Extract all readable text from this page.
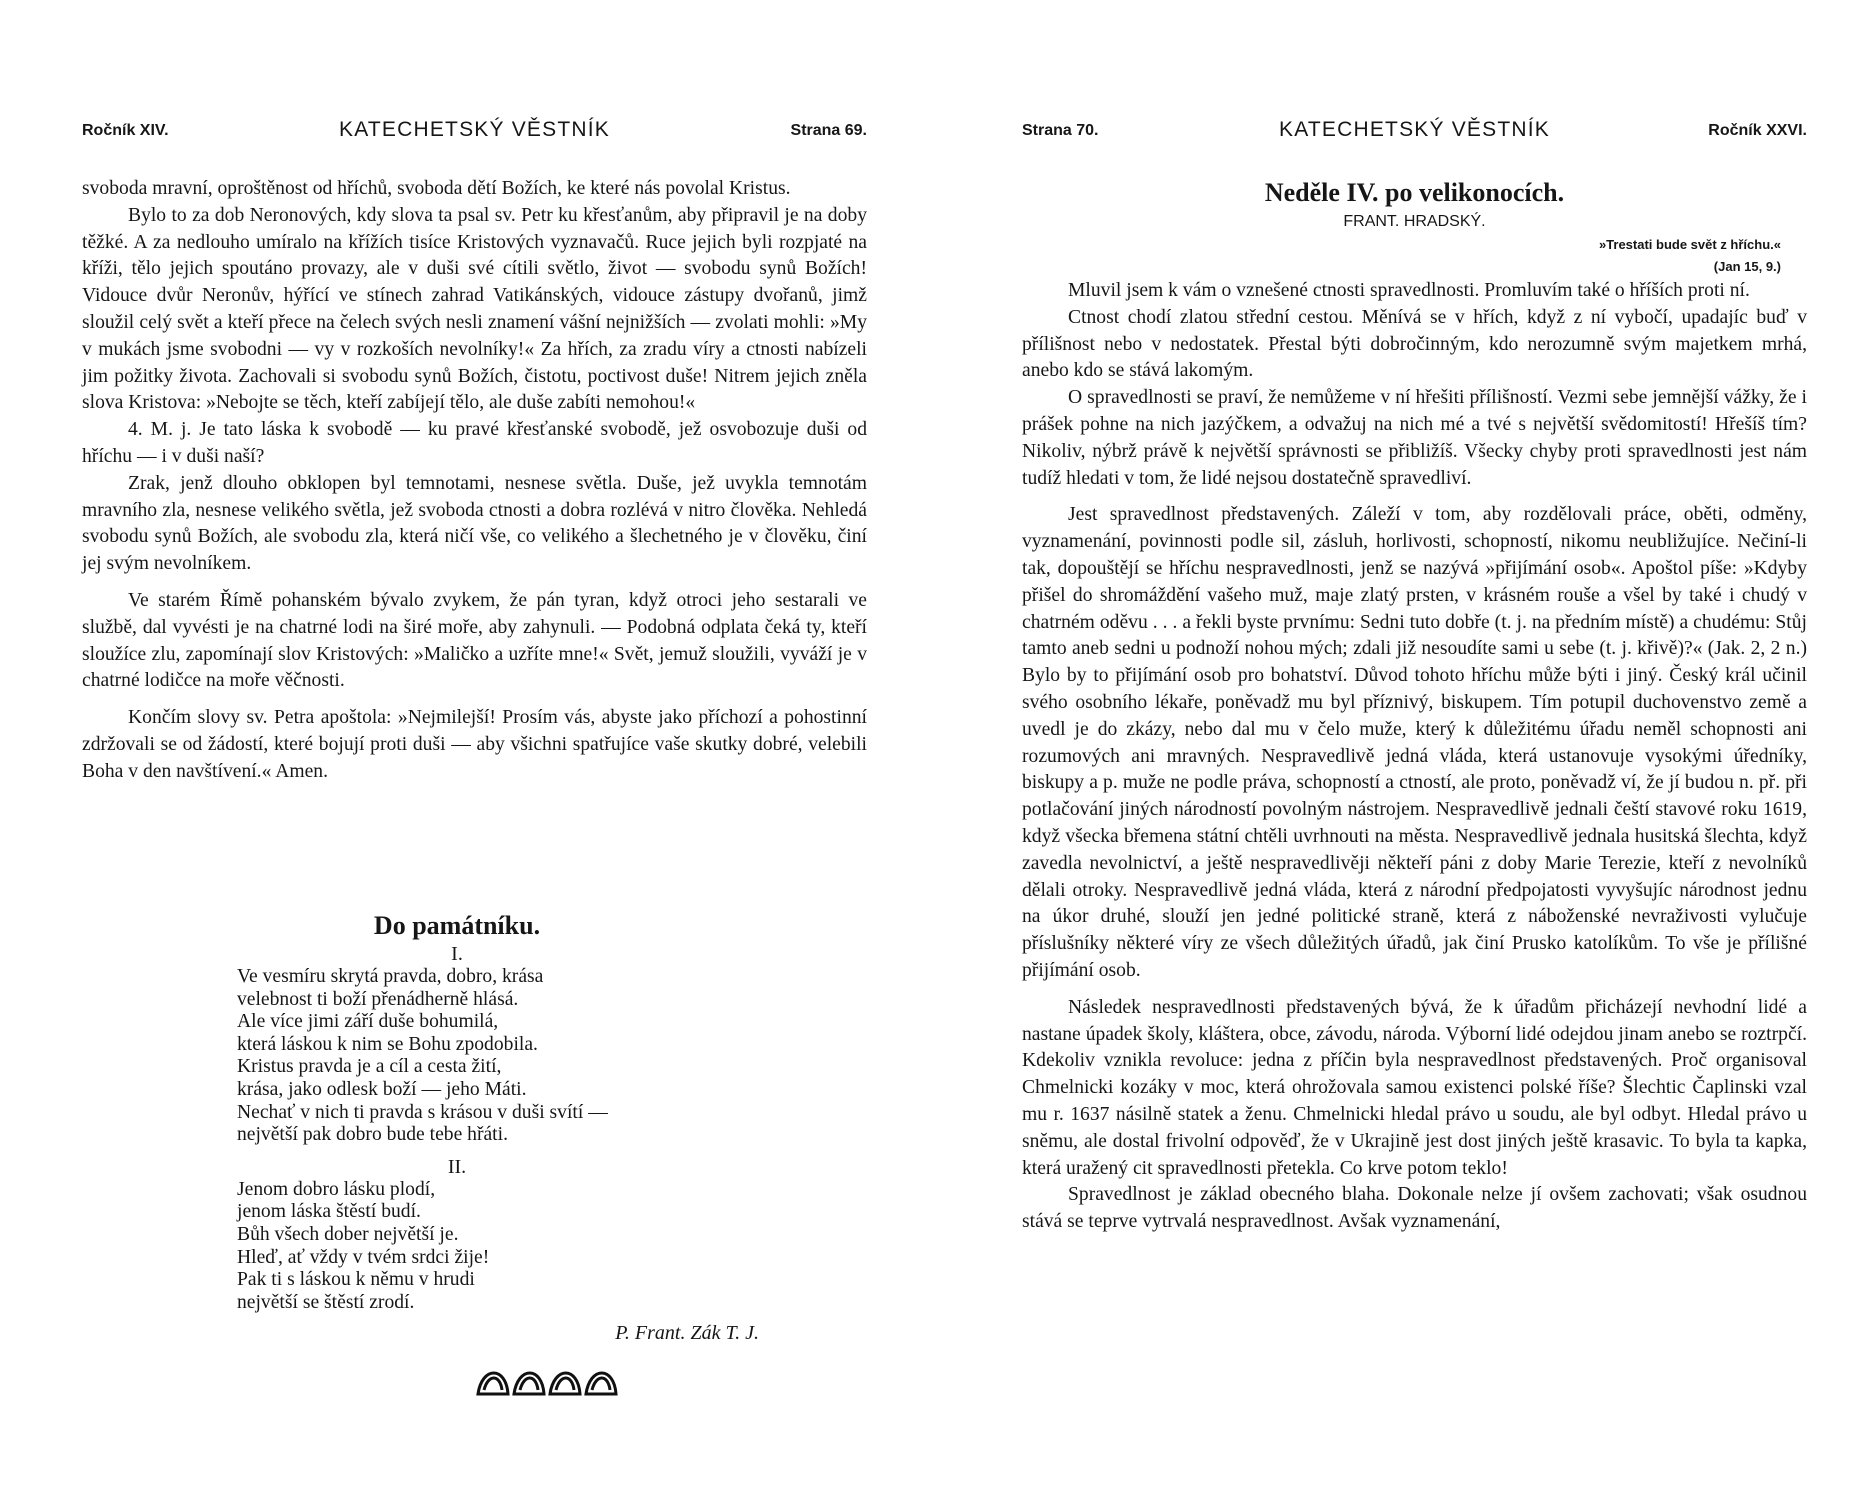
Ročník XIV.	KATECHETSKÝ VĚSTNÍK	Strana 69.

svoboda mravní, oproštěnost od hříchů, svoboda dětí Božích, ke které nás povolal Kristus.

Bylo to za dob Neronových, kdy slova ta psal sv. Petr ku křesťanům, aby připravil je na doby těžké. A za nedlouho umíralo na křížích tisíce Kristových vyznavačů. Ruce jejich byli rozpjaté na kříži, tělo jejich spoutáno provazy, ale v duši své cítili světlo, život — svobodu synů Božích! Vidouce dvůr Neronův, hýřící ve stínech zahrad Vatikánských, vidouce zástupy dvořanů, jimž sloužil celý svět a kteří přece na čelech svých nesli znamení vášní nejnižších — zvolati mohli: »My v mukách jsme svobodni — vy v rozkoších nevolníky!« Za hřích, za zradu víry a ctnosti nabízeli jim požitky života. Zachovali si svobodu synů Božích, čistotu, poctivost duše! Nitrem jejich zněla slova Kristova: »Nebojte se těch, kteří zabíjejí tělo, ale duše zabíti nemohou!«

4. M. j. Je tato láska k svobodě — ku pravé křesťanské svobodě, jež osvobozuje duši od hříchu — i v duši naší?

Zrak, jenž dlouho obklopen byl temnotami, nesnese světla. Duše, jež uvykla temnotám mravního zla, nesnese velikého světla, jež svoboda ctnosti a dobra rozlévá v nitro člověka. Nehledá svobodu synů Božích, ale svobodu zla, která ničí vše, co velikého a šlechetného je v člověku, činí jej svým nevolníkem.

Ve starém Římě pohanském bývalo zvykem, že pán tyran, když otroci jeho sestarali ve službě, dal vyvésti je na chatrné lodi na širé moře, aby zahynuli. — Podobná odplata čeká ty, kteří sloužíce zlu, zapomínají slov Kristových: »Maličko a uzříte mne!« Svět, jemuž sloužili, vyváží je v chatrné lodičce na moře věčnosti.

Končím slovy sv. Petra apoštola: »Nejmilejší! Prosím vás, abyste jako příchozí a pohostinní zdržovali se od žádostí, které bojují proti duši — aby všichni spatřujíce vaše skutky dobré, velebili Boha v den navštívení.« Amen.

Do památníku.
I.
Ve vesmíru skrytá pravda, dobro, krása
velebnost ti boží přenádherně hlásá.
Ale více jimi září duše bohumilá,
která láskou k nim se Bohu zpodobila.
Kristus pravda je a cíl a cesta žití,
krása, jako odlesk boží — jeho Máti.
Nechať v nich ti pravda s krásou v duši svítí —
největší pak dobro bude tebe hřáti.
II.
Jenom dobro lásku plodí,
jenom láska štěstí budí.
Bůh všech dober největší je.
Hleď, ať vždy v tvém srdci žije!
Pak ti s láskou k němu v hrudi
největší se štěstí zrodí.
P. Frant. Zák T. J.
Strana 70.	KATECHETSKÝ VĚSTNÍK	Ročník XXVI.
Neděle IV. po velikonocích.
FRANT. HRADSKÝ.
»Trestati bude svět z hříchu.«
(Jan 15, 9.)

Mluvil jsem k vám o vznešené ctnosti spravedlnosti. Promluvím také o hříších proti ní.

Ctnost chodí zlatou střední cestou. Měnívá se v hřích, když z ní vybočí, upadajíc buď v přílišnost nebo v nedostatek. Přestal býti dobročinným, kdo nerozumně svým majetkem mrhá, anebo kdo se stává lakomým.

O spravedlnosti se praví, že nemůžeme v ní hřešiti přílišností. Vezmi sebe jemnější vážky, že i prášek pohne na nich jazýčkem, a odvažuj na nich mé a tvé s největší svědomitostí! Hřešíš tím? Nikoliv, nýbrž právě k největší správnosti se přibližíš. Všecky chyby proti spravedlnosti jest nám tudíž hledati v tom, že lidé nejsou dostatečně spravedliví.

Jest spravedlnost představených. Záleží v tom, aby rozdělovali práce, oběti, odměny, vyznamenání, povinnosti podle sil, zásluh, horlivosti, schopností, nikomu neubližujíce. Nečiní-li tak, dopouštějí se hříchu nespravedlnosti, jenž se nazývá »přijímání osob«. Apoštol píše: »Kdyby přišel do shromáždění vašeho muž, maje zlatý prsten, v krásném rouše a všel by také i chudý v chatrném oděvu . . . a řekli byste prvnímu: Sedni tuto dobře (t. j. na předním místě) a chudému: Stůj tamto aneb sedni u podnoží nohou mých; zdali již nesoudíte sami u sebe (t. j. křivě)?« (Jak. 2, 2 n.) Bylo by to přijímání osob pro bohatství. Důvod tohoto hříchu může býti i jiný. Český král učinil svého osobního lékaře, poněvadž mu byl příznivý, biskupem. Tím potupil duchovenstvo země a uvedl je do zkázy, nebo dal mu v čelo muže, který k důležitému úřadu neměl schopnosti ani rozumových ani mravných. Nespravedlivě jedná vláda, která ustanovuje vysokými úředníky, biskupy a p. muže ne podle práva, schopností a ctností, ale proto, poněvadž ví, že jí budou n. př. při potlačování jiných národností povolným nástrojem. Nespravedlivě jednali čeští stavové roku 1619, když všecka břemena státní chtěli uvrhnouti na města. Nespravedlivě jednala husitská šlechta, když zavedla nevolnictví, a ještě nespravedlivěji někteří páni z doby Marie Terezie, kteří z nevolníků dělali otroky. Nespravedlivě jedná vláda, která z národní předpojatosti vyvyšujíc národnost jednu na úkor druhé, slouží jen jedné politické straně, která z náboženské nevraživosti vylučuje příslušníky některé víry ze všech důležitých úřadů, jak činí Prusko katolíkům. To vše je přílišné přijímání osob.

Následek nespravedlnosti představených bývá, že k úřadům přicházejí nevhodní lidé a nastane úpadek školy, kláštera, obce, závodu, národa. Výborní lidé odejdou jinam anebo se roztrpčí. Kdekoliv vznikla revoluce: jedna z příčin byla nespravedlnost představených. Proč organisoval Chmelnicki kozáky v moc, která ohrožovala samou existenci polské říše? Šlechtic Čaplinski vzal mu r. 1637 násilně statek a ženu. Chmelnicki hledal právo u soudu, ale byl odbyt. Hledal právo u sněmu, ale dostal frivolní odpověď, že v Ukrajině jest dost jiných ještě krasavic. To byla ta kapka, která uražený cit spravedlnosti přetekla. Co krve potom teklo!

Spravedlnost je základ obecného blaha. Dokonale nelze jí ovšem zachovati; však osudnou stává se teprve vytrvalá nespravedlnost. Avšak vyznamenání,
